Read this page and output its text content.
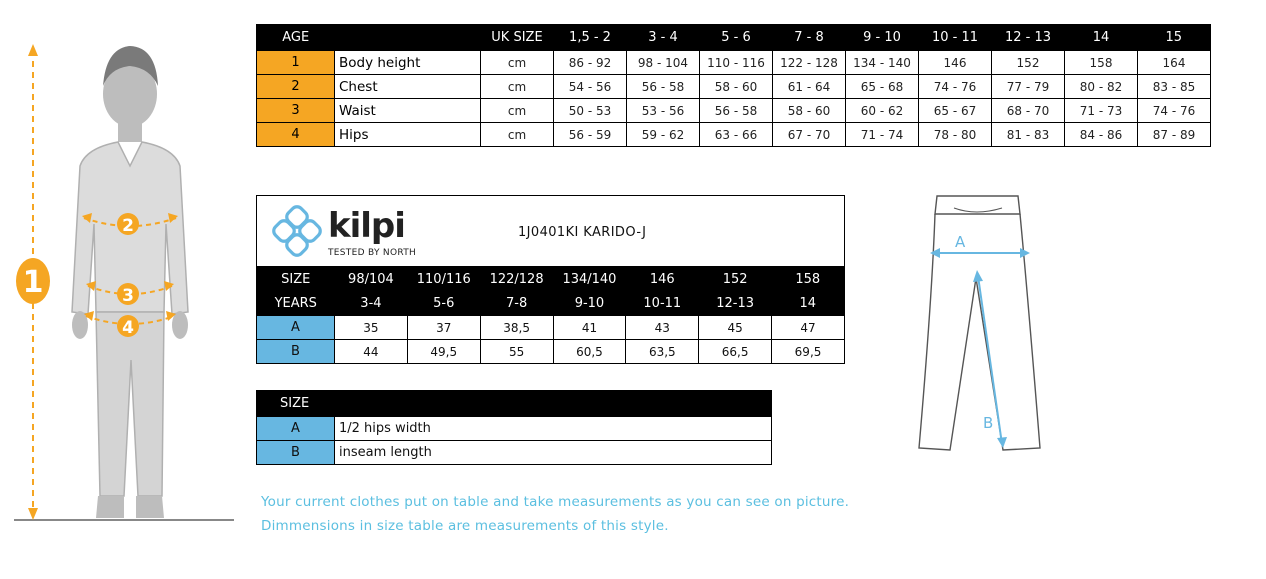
1
2
3
4
AGE		UK SIZE	1,5 - 2	3 - 4	5 - 6	7 - 8	9 - 10	10 - 11	12 - 13	14	15
1	Body height	cm	86 - 92	98 - 104	110 - 116	122 - 128	134 - 140	146	152	158	164
2	Chest	cm	54 - 56	56 - 58	58 - 60	61 - 64	65 - 68	74 - 76	77 - 79	80 - 82	83 - 85
3	Waist	cm	50 - 53	53 - 56	56 - 58	58 - 60	60 - 62	65 - 67	68 - 70	71 - 73	74 - 76
4	Hips	cm	56 - 59	59 - 62	63 - 66	67 - 70	71 - 74	78 - 80	81 - 83	84 - 86	87 - 89
kilpi
TESTED BY NORTH
1J0401KI KARIDO-J							

SIZE	98/104	110/116	122/128	134/140	146	152	158
YEARS	3-4	5-6	7-8	9-10	10-11	12-13	14
A	35	37	38,5	41	43	45	47
B	44	49,5	55	60,5	63,5	66,5	69,5
SIZE	
A	1/2 hips width
B	inseam length
Your current clothes put on table and take measurements as you can see on picture.
Dimmensions in size table are measurements of this style.
A
B
